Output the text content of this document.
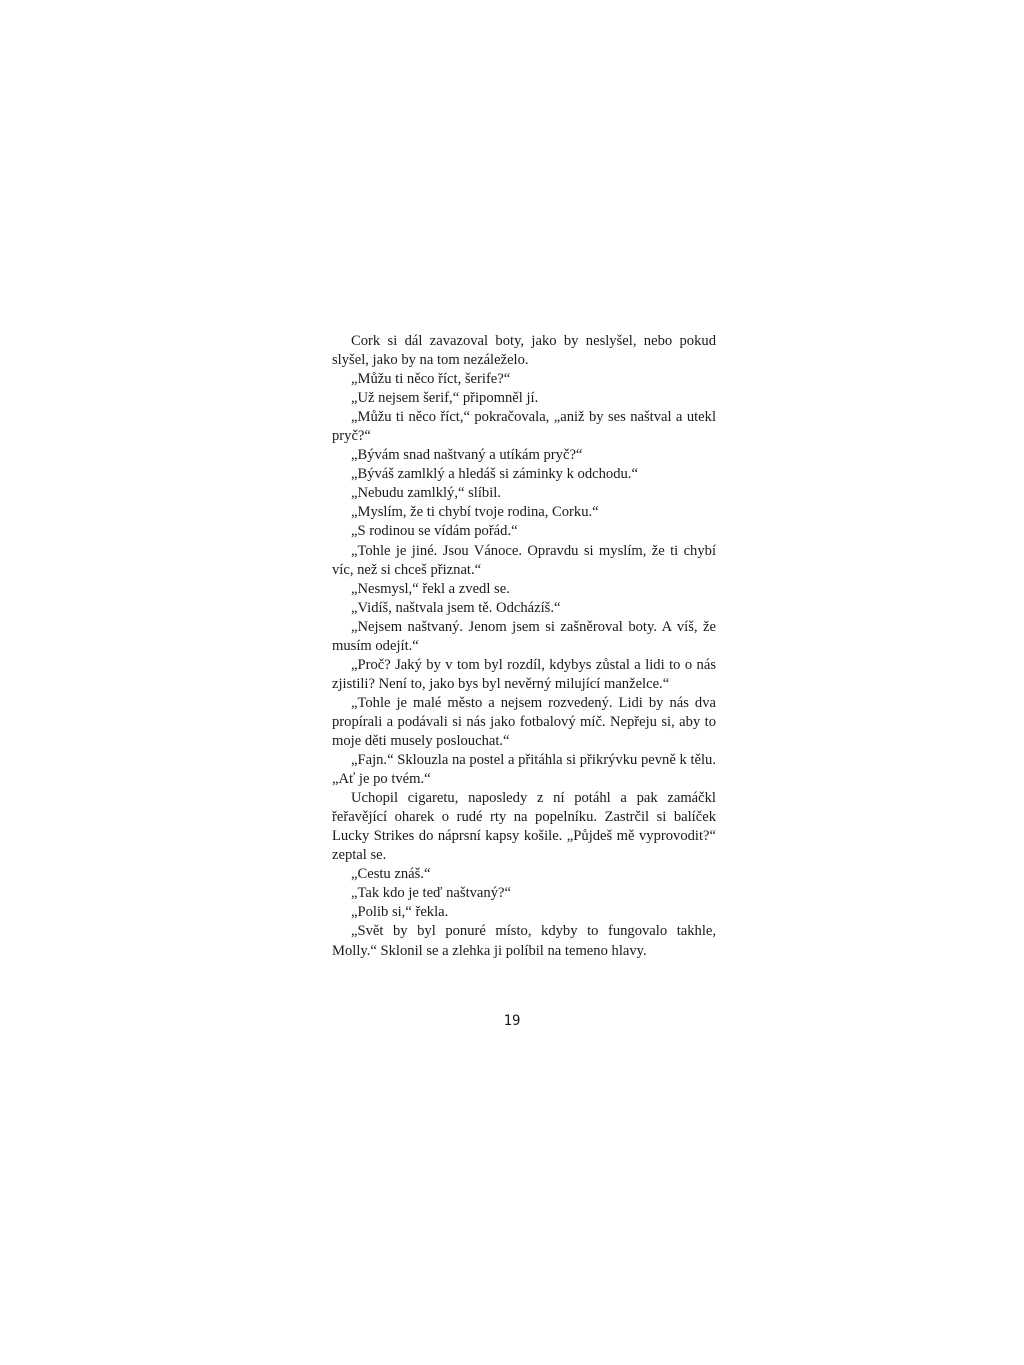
Cork si dál zavazoval boty, jako by neslyšel, nebo pokud slyšel, jako by na tom nezáleželo.

„Můžu ti něco říct, šerife?“

„Už nejsem šerif,“ připomněl jí.

„Můžu ti něco říct,“ pokračovala, „aniž by ses naštval a utekl pryč?“

„Bývám snad naštvaný a utíkám pryč?“

„Býváš zamlklý a hledáš si záminky k odchodu.“

„Nebudu zamlklý,“ slíbil.

„Myslím, že ti chybí tvoje rodina, Corku.“

„S rodinou se vídám pořád.“

„Tohle je jiné. Jsou Vánoce. Opravdu si myslím, že ti chybí víc, než si chceš přiznat.“

„Nesmysl,“ řekl a zvedl se.

„Vidíš, naštvala jsem tě. Odcházíš.“

„Nejsem naštvaný. Jenom jsem si zašněroval boty. A víš, že musím odejít.“

„Proč? Jaký by v tom byl rozdíl, kdybys zůstal a lidi to o nás zjistili? Není to, jako bys byl nevěrný milující manželce.“

„Tohle je malé město a nejsem rozvedený. Lidi by nás dva propírali a podávali si nás jako fotbalový míč. Nepřeju si, aby to moje děti musely poslouchat.“

„Fajn.“ Sklouzla na postel a přitáhla si přikrývku pevně k tělu. „Ať je po tvém.“

Uchopil cigaretu, naposledy z ní potáhl a pak zamáčkl řeřavějící oharek o rudé rty na popelníku. Zastrčil si balíček Lucky Strikes do náprsní kapsy košile. „Půjdeš mě vyprovodit?“ zeptal se.

„Cestu znáš.“

„Tak kdo je teď naštvaný?“

„Polib si,“ řekla.

„Svět by byl ponuré místo, kdyby to fungovalo takhle, Molly.“ Sklonil se a zlehka ji políbil na temeno hlavy.

19
